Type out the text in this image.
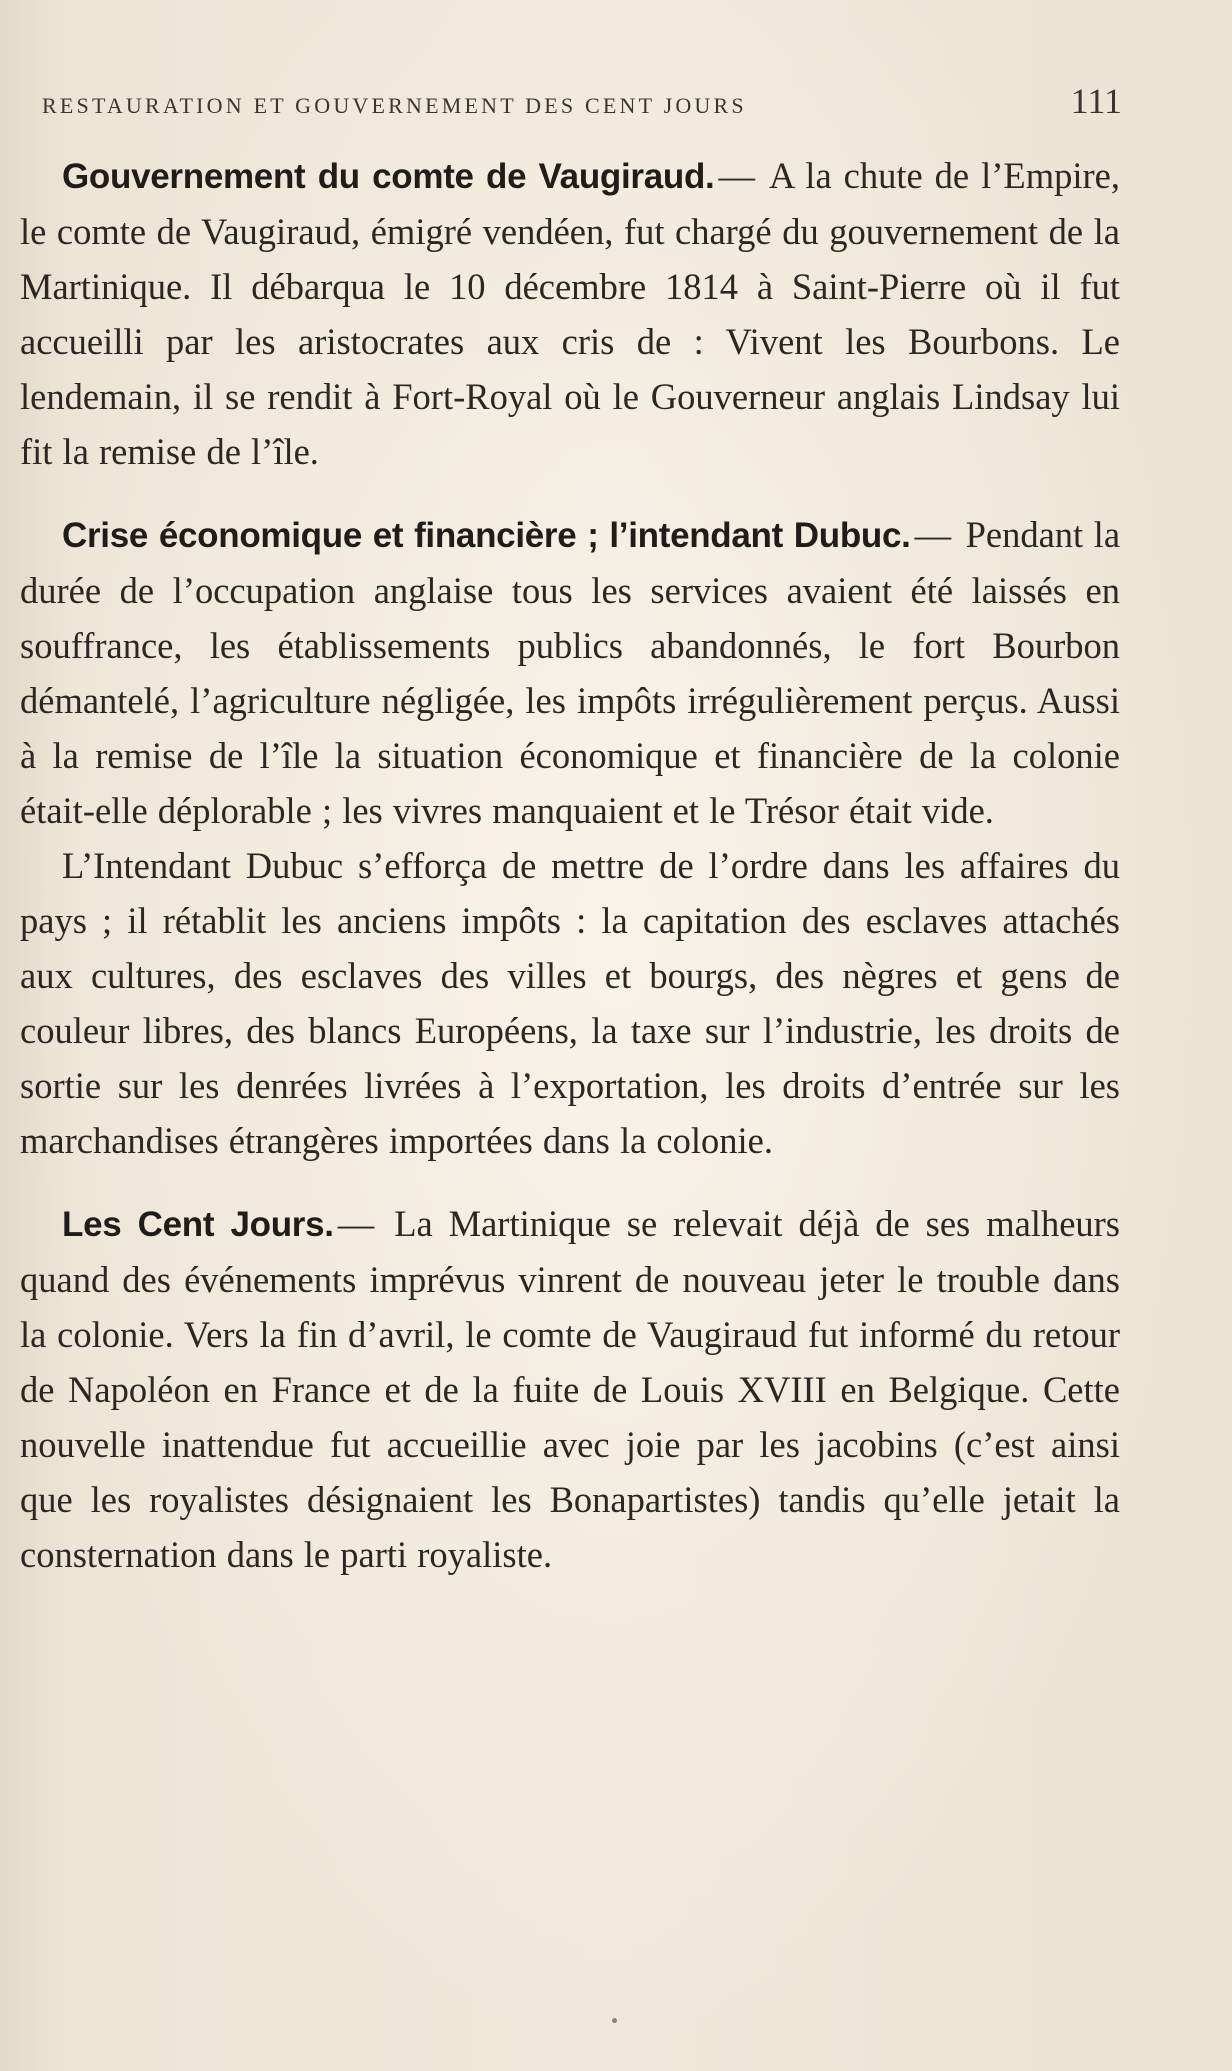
RESTAURATION ET GOUVERNEMENT DES CENT JOURS	111

Gouvernement du comte de Vaugiraud. — A la chute de l’Empire, le comte de Vaugiraud, émigré vendéen, fut chargé du gouvernement de la Martinique. Il débarqua le 10 décembre 1814 à Saint-Pierre où il fut accueilli par les aristocrates aux cris de : Vivent les Bourbons. Le lendemain, il se rendit à Fort-Royal où le Gouverneur anglais Lindsay lui fit la remise de l’île.

Crise économique et financière ; l’intendant Dubuc. — Pendant la durée de l’occupation anglaise tous les services avaient été laissés en souffrance, les établissements publics abandonnés, le fort Bourbon démantelé, l’agriculture négligée, les impôts irrégulièrement perçus. Aussi à la remise de l’île la situation économique et financière de la colonie était-elle déplorable ; les vivres manquaient et le Trésor était vide.

L’Intendant Dubuc s’efforça de mettre de l’ordre dans les affaires du pays ; il rétablit les anciens impôts : la capitation des esclaves attachés aux cultures, des esclaves des villes et bourgs, des nègres et gens de couleur libres, des blancs Européens, la taxe sur l’industrie, les droits de sortie sur les denrées livrées à l’exportation, les droits d’entrée sur les marchandises étrangères importées dans la colonie.

Les Cent Jours. — La Martinique se relevait déjà de ses malheurs quand des événements imprévus vinrent de nouveau jeter le trouble dans la colonie. Vers la fin d’avril, le comte de Vaugiraud fut informé du retour de Napoléon en France et de la fuite de Louis XVIII en Belgique. Cette nouvelle inattendue fut accueillie avec joie par les jacobins (c’est ainsi que les royalistes désignaient les Bonapartistes) tandis qu’elle jetait la consternation dans le parti royaliste.
